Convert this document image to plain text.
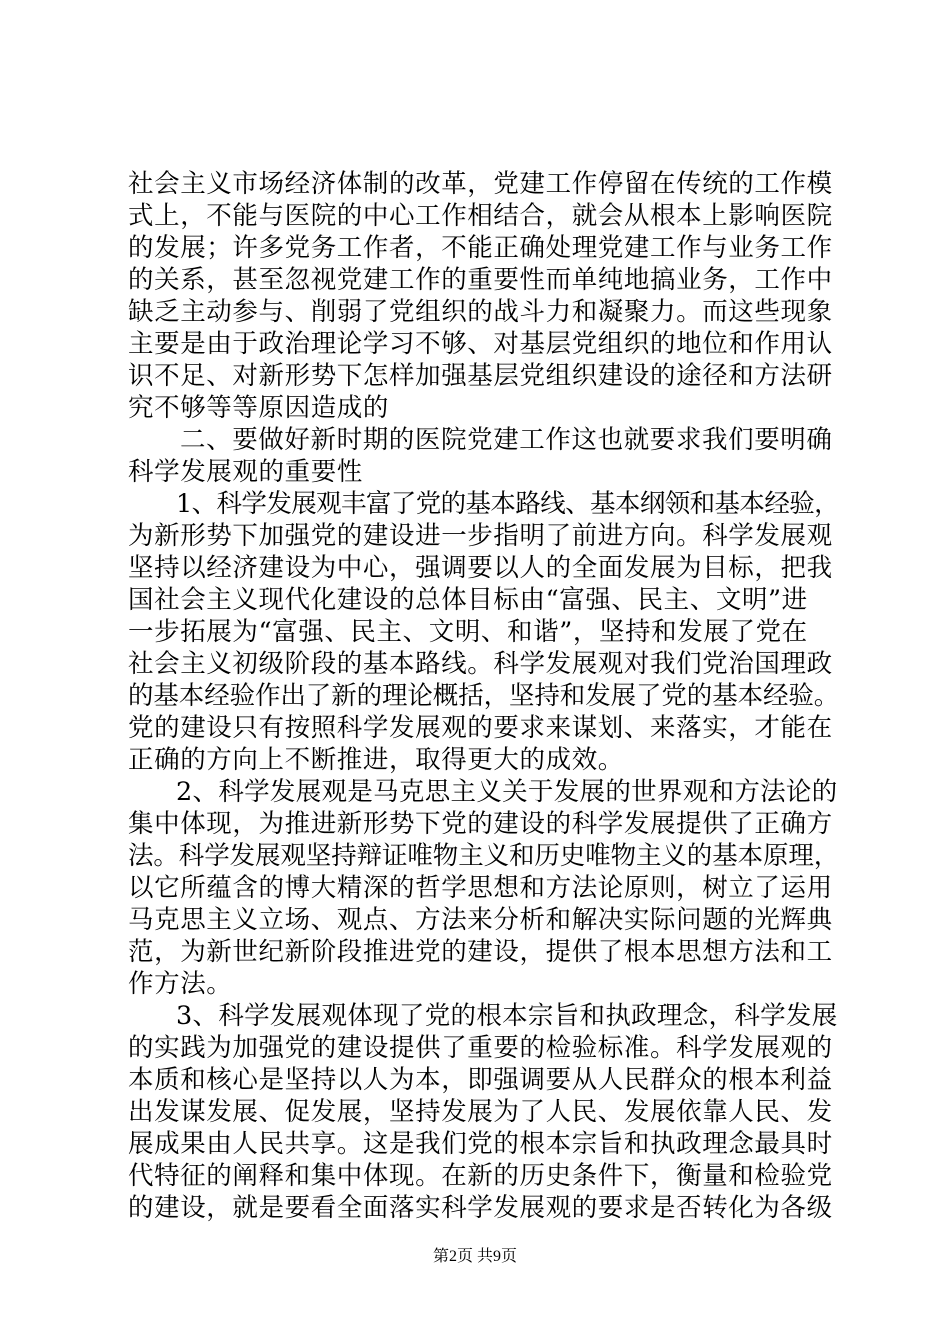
社会主义市场经济体制的改革，党建工作停留在传统的工作模
式上，不能与医院的中心工作相结合，就会从根本上影响医院
的发展；许多党务工作者，不能正确处理党建工作与业务工作
的关系，甚至忽视党建工作的重要性而单纯地搞业务，工作中
缺乏主动参与、削弱了党组织的战斗力和凝聚力。而这些现象
主要是由于政治理论学习不够、对基层党组织的地位和作用认
识不足、对新形势下怎样加强基层党组织建设的途径和方法研
究不够等等原因造成的
二、要做好新时期的医院党建工作这也就要求我们要明确
科学发展观的重要性
1、科学发展观丰富了党的基本路线、基本纲领和基本经验，
为新形势下加强党的建设进一步指明了前进方向。科学发展观
坚持以经济建设为中心，强调要以人的全面发展为目标，把我
国社会主义现代化建设的总体目标由“富强、民主、文明”进
一步拓展为“富强、民主、文明、和谐”，坚持和发展了党在
社会主义初级阶段的基本路线。科学发展观对我们党治国理政
的基本经验作出了新的理论概括，坚持和发展了党的基本经验。
党的建设只有按照科学发展观的要求来谋划、来落实，才能在
正确的方向上不断推进，取得更大的成效。
2、科学发展观是马克思主义关于发展的世界观和方法论的
集中体现，为推进新形势下党的建设的科学发展提供了正确方
法。科学发展观坚持辩证唯物主义和历史唯物主义的基本原理，
以它所蕴含的博大精深的哲学思想和方法论原则，树立了运用
马克思主义立场、观点、方法来分析和解决实际问题的光辉典
范，为新世纪新阶段推进党的建设，提供了根本思想方法和工
作方法。
3、科学发展观体现了党的根本宗旨和执政理念，科学发展
的实践为加强党的建设提供了重要的检验标准。科学发展观的
本质和核心是坚持以人为本，即强调要从人民群众的根本利益
出发谋发展、促发展，坚持发展为了人民、发展依靠人民、发
展成果由人民共享。这是我们党的根本宗旨和执政理念最具时
代特征的阐释和集中体现。在新的历史条件下，衡量和检验党
的建设，就是要看全面落实科学发展观的要求是否转化为各级
第2页 共9页
